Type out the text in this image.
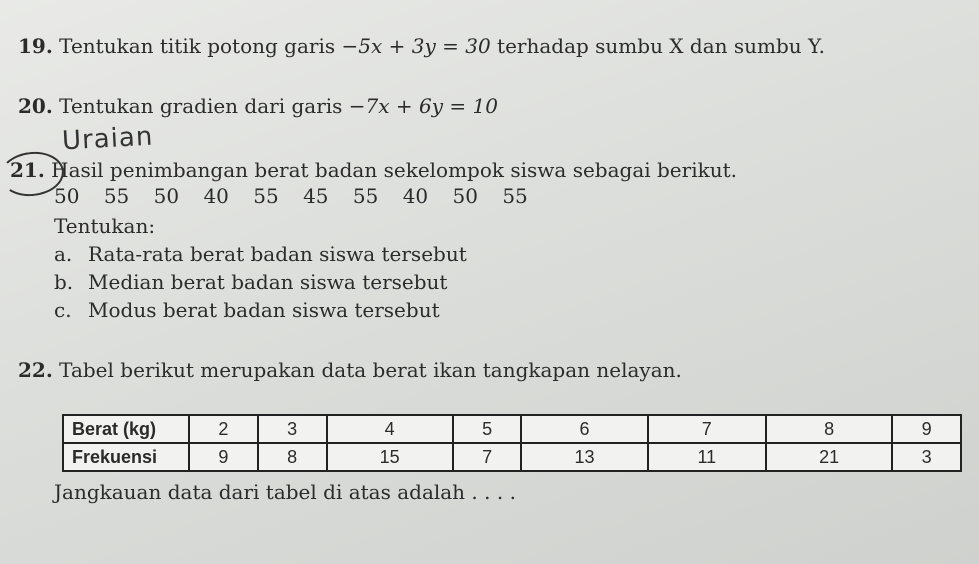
19. Tentukan titik potong garis −5x + 3y = 30 terhadap sumbu X dan sumbu Y.
20. Tentukan gradien dari garis −7x + 6y = 10
Uraian
21. Hasil penimbangan berat badan sekelompok siswa sebagai berikut.
50 55 50 40 55 45 55 40 50 55
Tentukan:
a. Rata-rata berat badan siswa tersebut
b. Median berat badan siswa tersebut
c. Modus berat badan siswa tersebut
22. Tabel berikut merupakan data berat ikan tangkapan nelayan.
Berat (kg)	2	3	4	5	6	7	8	9
Frekuensi	9	8	15	7	13	11	21	3
Jangkauan data dari tabel di atas adalah . . . .
